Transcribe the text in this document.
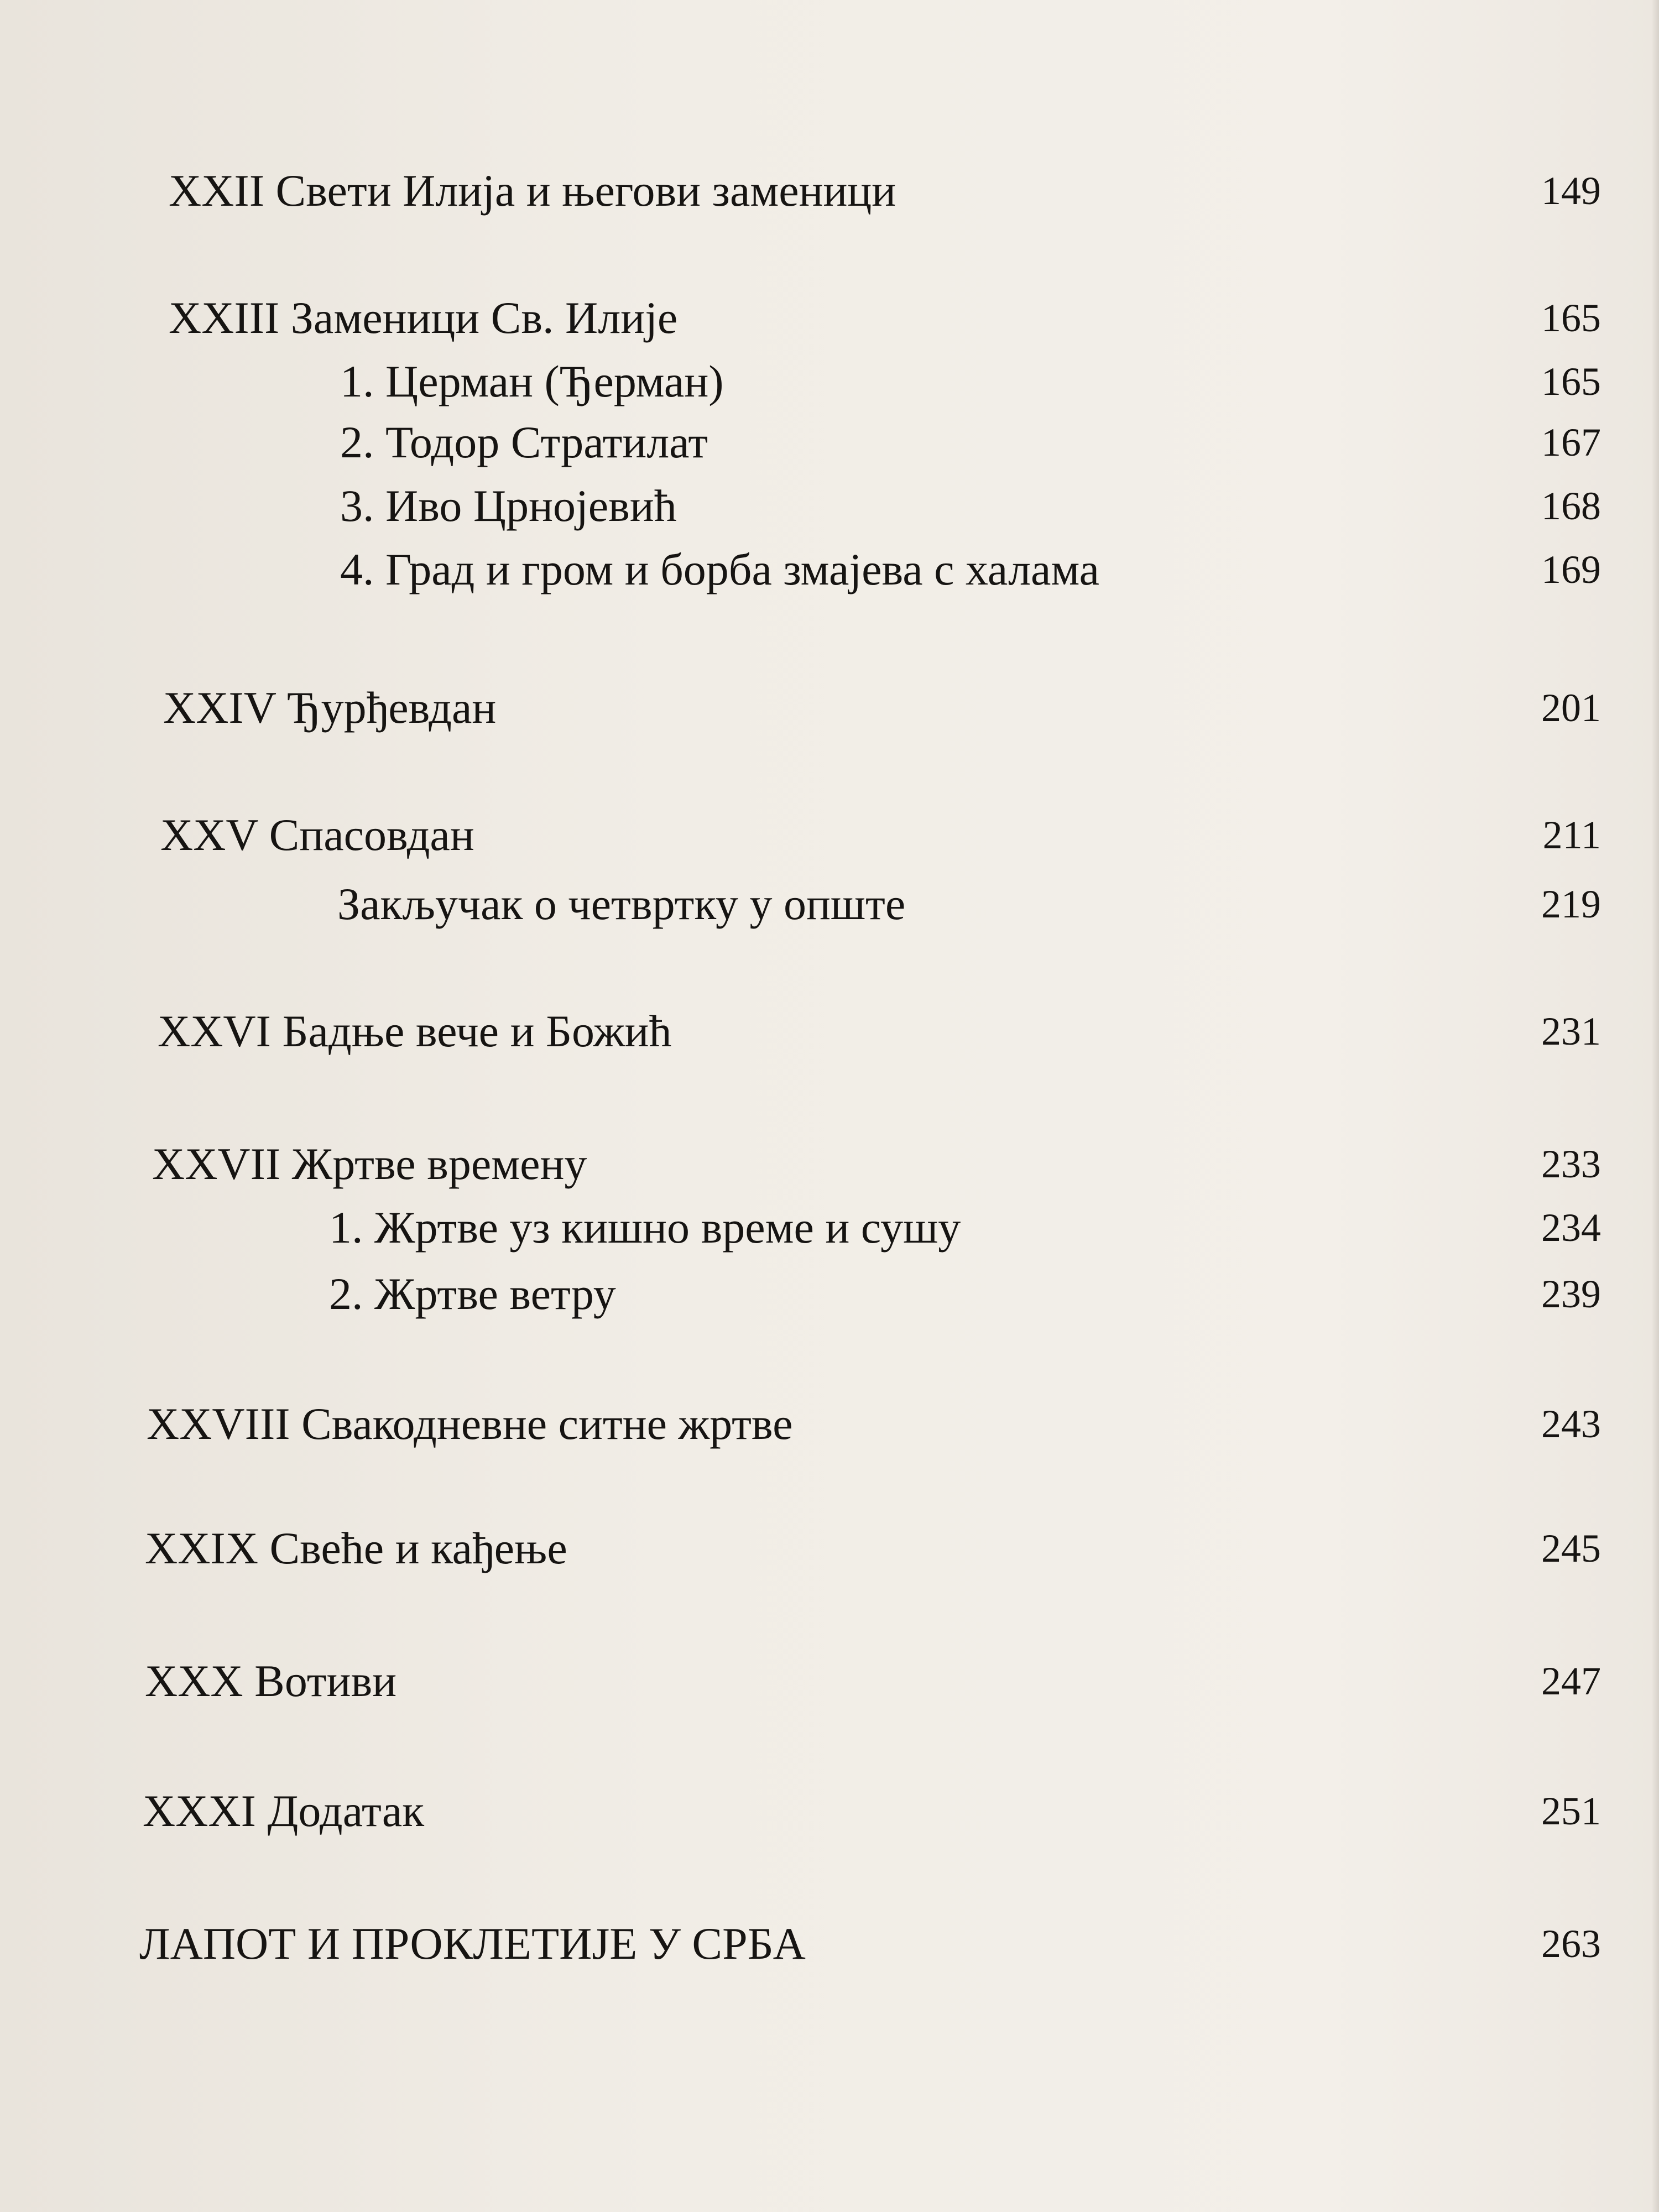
XXII Свети Илија и његови заменици	149
XXIII Заменици Св. Илије	165
1. Церман (Ђерман)	165
2. Тодор Стратилат	167
3. Иво Црнојевић	168
4. Град и гром и борба змајева с халама	169
XXIV Ђурђевдан	201
XXV Спасовдан	211
Закључак о четвртку у опште	219
XXVI Бадње вече и Божић	231
XXVII Жртве времену	233
1. Жртве уз кишно време и сушу	234
2. Жртве ветру	239
XXVIII Свакодневне ситне жртве	243
XXIX Свеће и кађење	245
XXX Вотиви	247
XXXI Додатак	251
ЛАПОТ И ПРОКЛЕТИЈЕ У СРБА	263
